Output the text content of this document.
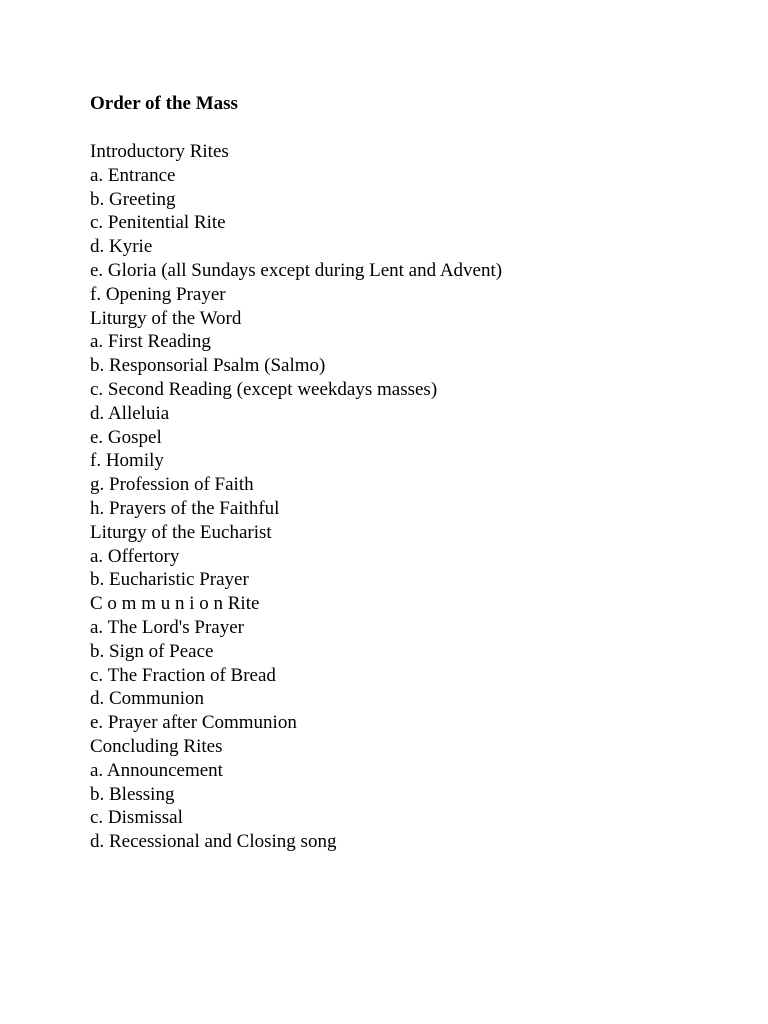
Order of the Mass
Introductory Rites
a. Entrance
b. Greeting
c. Penitential Rite
d. Kyrie
e. Gloria (all Sundays except during Lent and Advent)
f. Opening Prayer
Liturgy of the Word
a. First Reading
b. Responsorial Psalm (Salmo)
c. Second Reading (except weekdays masses)
d. Alleluia
e. Gospel
f. Homily
g. Profession of Faith
h. Prayers of the Faithful
Liturgy of the Eucharist
a. Offertory
b. Eucharistic Prayer
C o m m u n i o n Rite
a. The Lord's Prayer
b. Sign of Peace
c. The Fraction of Bread
d. Communion
e. Prayer after Communion
Concluding Rites
a. Announcement
b. Blessing
c. Dismissal
d. Recessional and Closing song
